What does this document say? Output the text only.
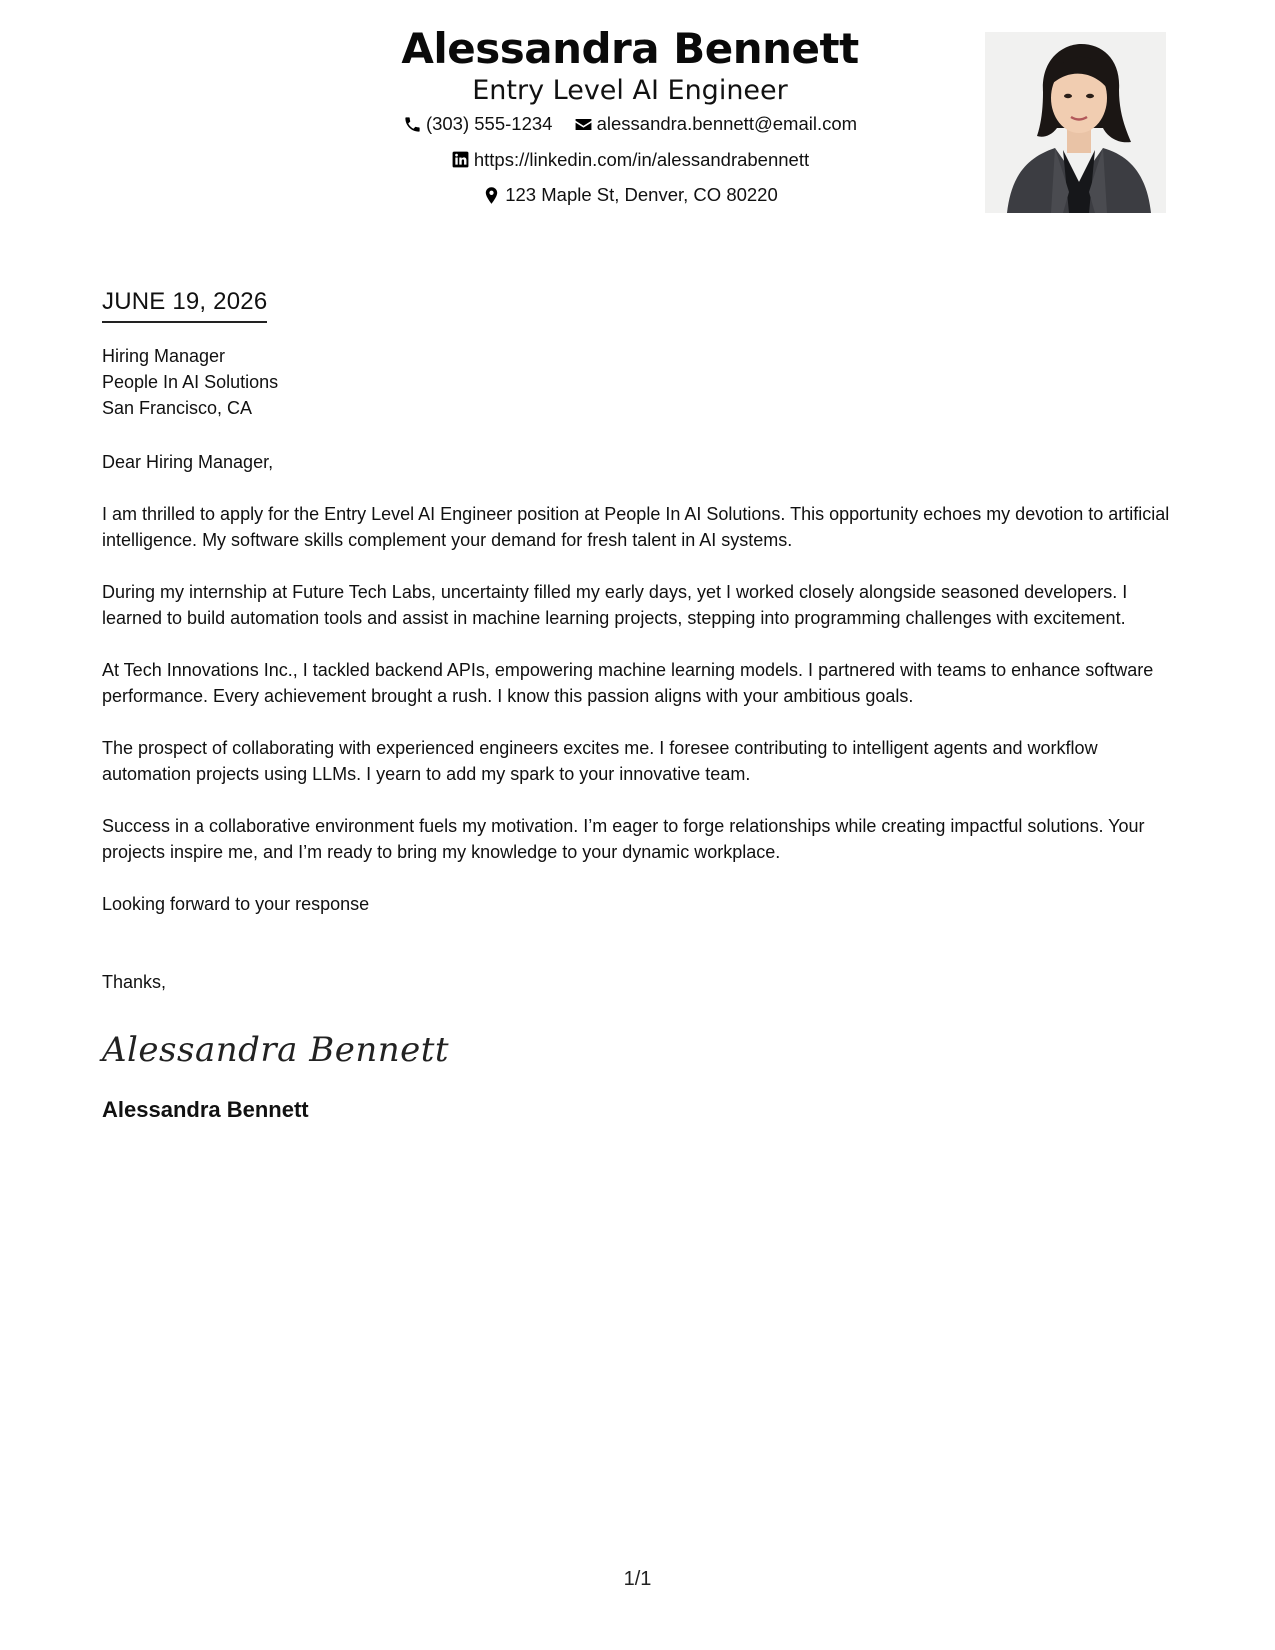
Alessandra Bennett
Entry Level AI Engineer
(303) 555-1234
alessandra.bennett@email.com
https://linkedin.com/in/alessandrabennett
123 Maple St, Denver, CO 80220
JUNE 19, 2026
Hiring Manager
People In AI Solutions
San Francisco, CA
Dear Hiring Manager,
I am thrilled to apply for the Entry Level AI Engineer position at People In AI Solutions. This opportunity echoes my devotion to artificial intelligence. My software skills complement your demand for fresh talent in AI systems.
During my internship at Future Tech Labs, uncertainty filled my early days, yet I worked closely alongside seasoned developers. I learned to build automation tools and assist in machine learning projects, stepping into programming challenges with excitement.
At Tech Innovations Inc., I tackled backend APIs, empowering machine learning models. I partnered with teams to enhance software performance. Every achievement brought a rush. I know this passion aligns with your ambitious goals.
The prospect of collaborating with experienced engineers excites me. I foresee contributing to intelligent agents and workflow automation projects using LLMs. I yearn to add my spark to your innovative team.
Success in a collaborative environment fuels my motivation. I’m eager to forge relationships while creating impactful solutions. Your projects inspire me, and I’m ready to bring my knowledge to your dynamic workplace.
Looking forward to your response
Thanks,
Alessandra Bennett
Alessandra Bennett
1/1
